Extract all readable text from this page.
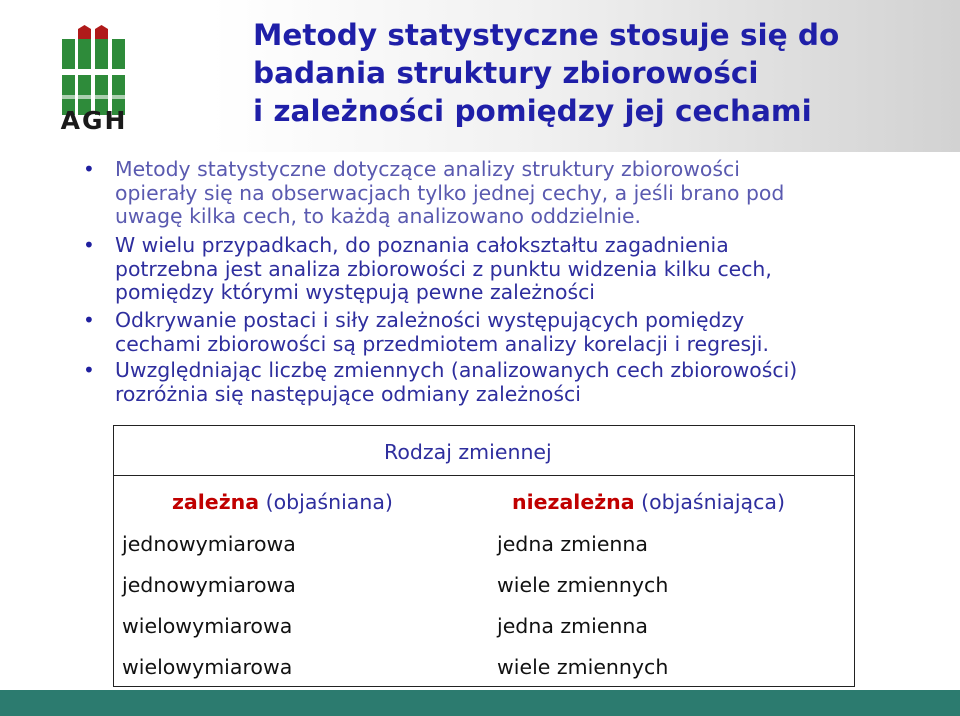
AGH
Metody statystyczne stosuje się do
badania struktury zbiorowości
i zależności pomiędzy jej cechami
• Metody statystyczne dotyczące analizy struktury zbiorowości
opierały się na obserwacjach tylko jednej cechy, a jeśli brano pod
uwagę kilka cech, to każdą analizowano oddzielnie.
• W wielu przypadkach, do poznania całokształtu zagadnienia
potrzebna jest analiza zbiorowości z punktu widzenia kilku cech,
pomiędzy którymi występują pewne zależności
• Odkrywanie postaci i siły zależności występujących pomiędzy
cechami zbiorowości są przedmiotem analizy korelacji i regresji.
• Uwzględniając liczbę zmiennych (analizowanych cech zbiorowości)
rozróżnia się następujące odmiany zależności
Rodzaj zmiennej
zależna (objaśniana)	niezależna (objaśniająca)
jednowymiarowa	jedna zmienna
jednowymiarowa	wiele zmiennych
wielowymiarowa	jedna zmienna
wielowymiarowa	wiele zmiennych
